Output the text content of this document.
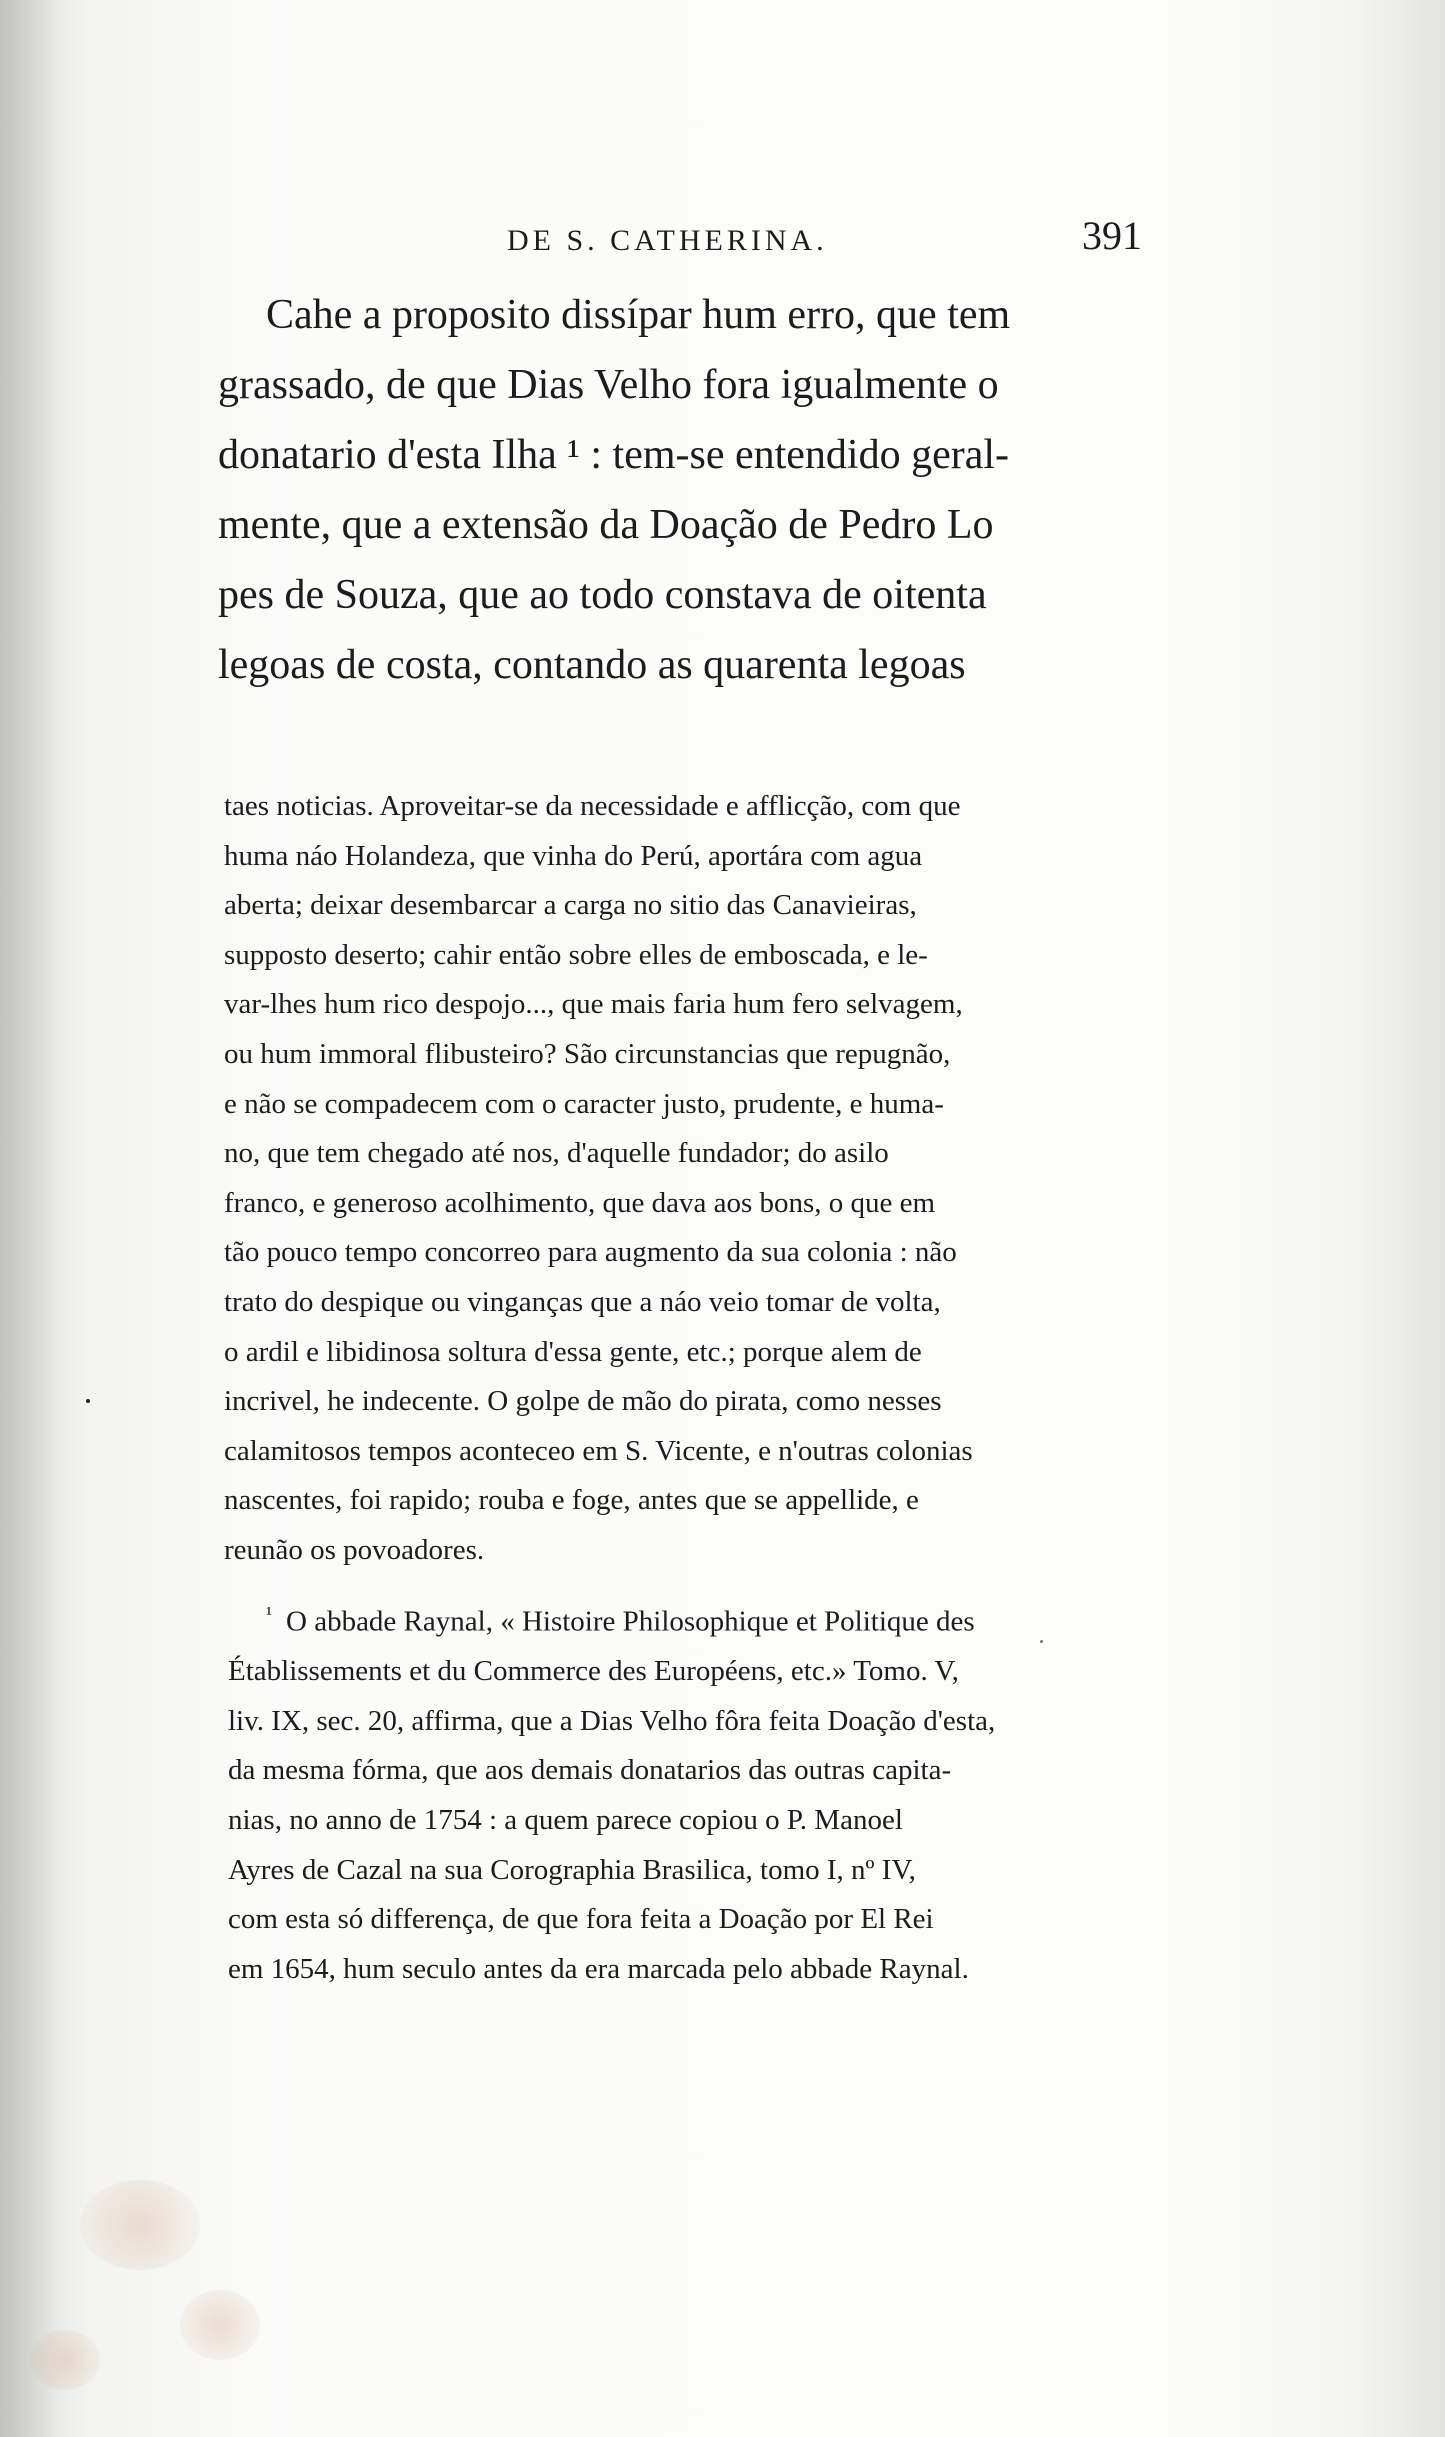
DE S. CATHERINA.	391
Cahe a proposito dissípar hum erro, que tem
grassado, de que Dias Velho fora igualmente o
donatario d'esta Ilha ¹ : tem-se entendido geral-
mente, que a extensão da Doação de Pedro Lo
pes de Souza, que ao todo constava de oitenta
legoas de costa, contando as quarenta legoas
taes noticias. Aproveitar-se da necessidade e afflicção, com que
huma náo Holandeza, que vinha do Perú, aportára com agua
aberta; deixar desembarcar a carga no sitio das Canavieiras,
supposto deserto; cahir então sobre elles de emboscada, e le-
var-lhes hum rico despojo..., que mais faria hum fero selvagem,
ou hum immoral flibusteiro? São circunstancias que repugnão,
e não se compadecem com o caracter justo, prudente, e huma-
no, que tem chegado até nos, d'aquelle fundador; do asilo
franco, e generoso acolhimento, que dava aos bons, o que em
tão pouco tempo concorreo para augmento da sua colonia : não
trato do despique ou vinganças que a náo veio tomar de volta,
o ardil e libidinosa soltura d'essa gente, etc.; porque alem de
incrivel, he indecente. O golpe de mão do pirata, como nesses
calamitosos tempos aconteceo em S. Vicente, e n'outras colonias
nascentes, foi rapido; rouba e foge, antes que se appellide, e
reunão os povoadores.
$^{^1}$ O abbade Raynal, « Histoire Philosophique et Politique des
Établissements et du Commerce des Européens, etc.» Tomo. V,
liv. IX, sec. 20, affirma, que a Dias Velho fôra feita Doação d'esta,
da mesma fórma, que aos demais donatarios das outras capita-
nias, no anno de 1754 : a quem parece copiou o P. Manoel
Ayres de Cazal na sua Corographia Brasilica, tomo I, nº IV,
com esta só differença, de que fora feita a Doação por El Rei
em 1654, hum seculo antes da era marcada pelo abbade Raynal.
